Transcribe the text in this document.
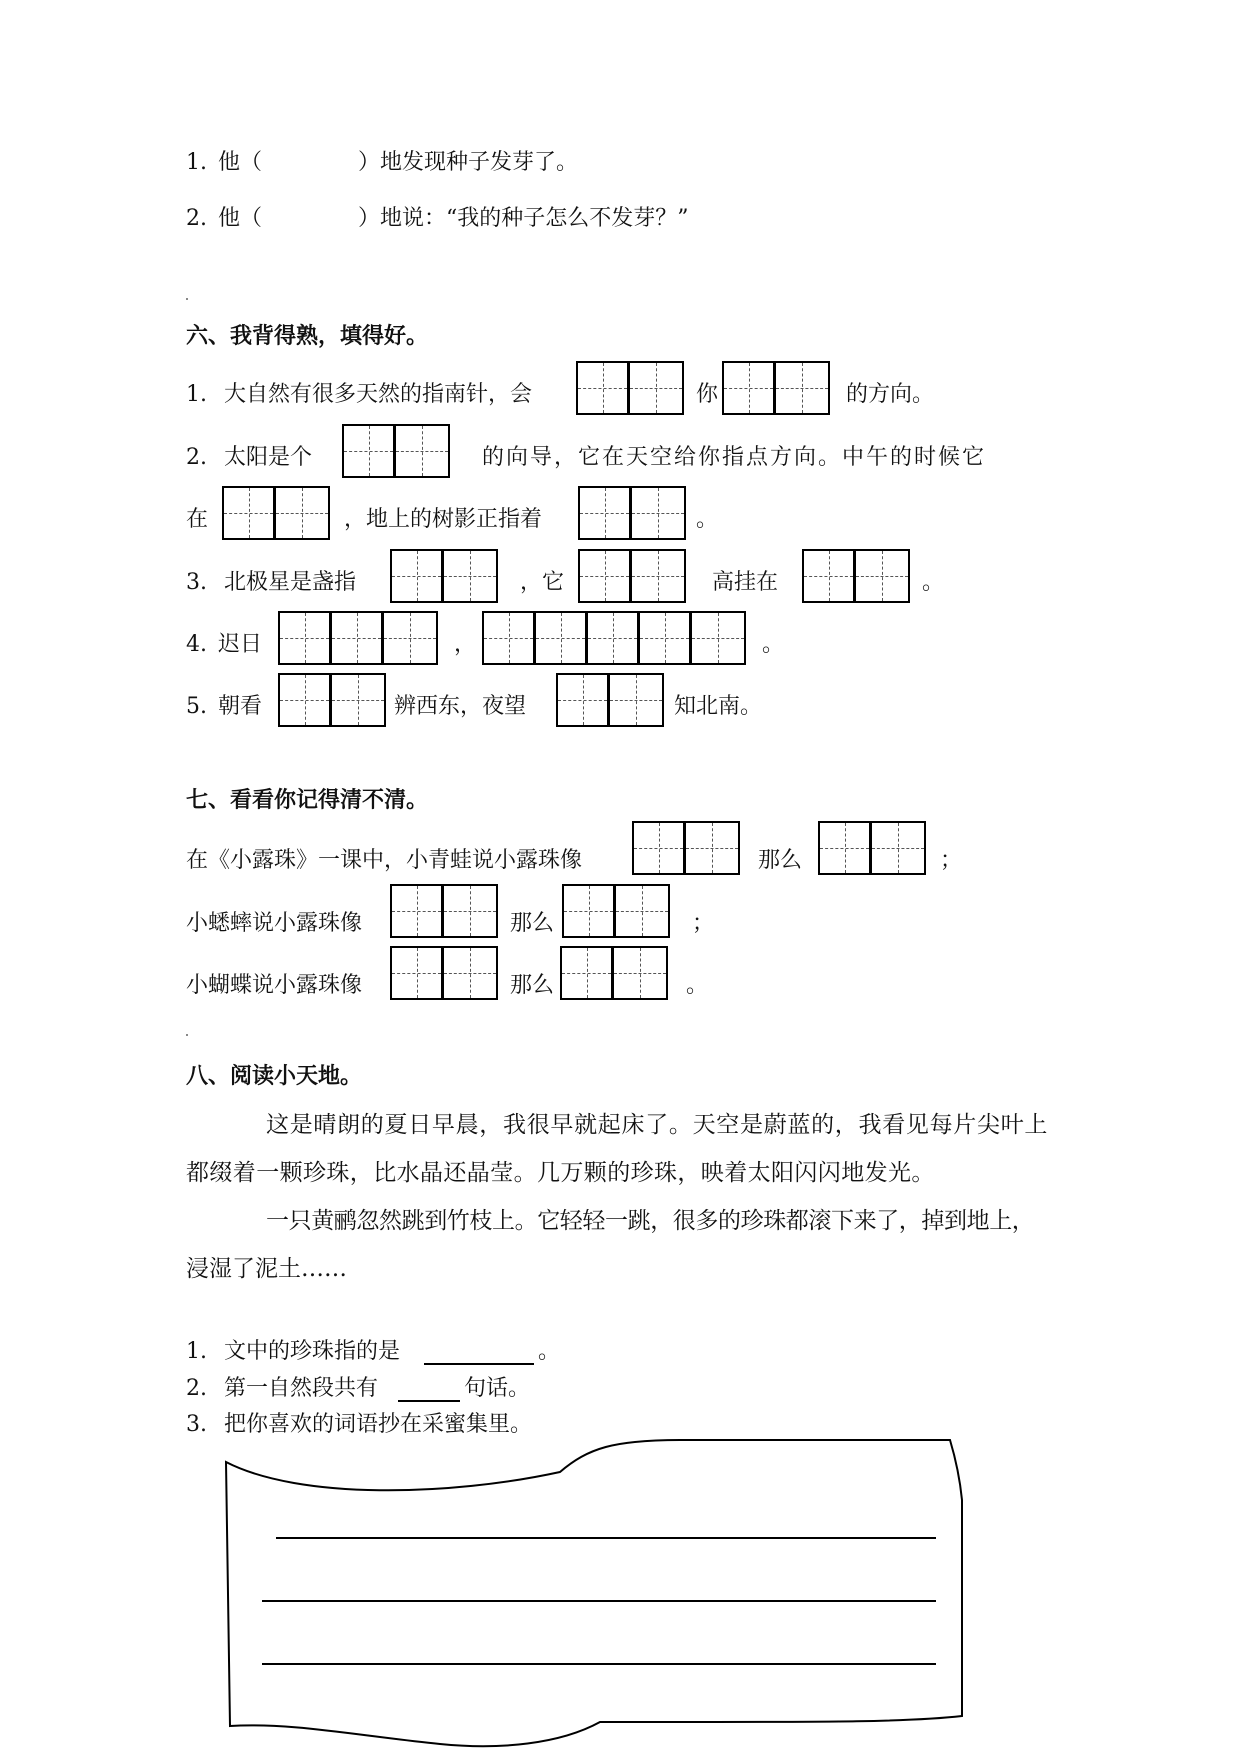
1. 他（	）地发现种子发芽了。
2. 他（	）地说：“我的种子怎么不发芽？”
六、我背得熟，填得好。
1. 大自然有很多天然的指南针，会	你	的方向。
2. 太阳是个	的向导，它在天空给你指点方向。中午的时候它
在	，地上的树影正指着	。
3. 北极星是盏指	，它	高挂在	。
4. 迟日	，	。
5. 朝看	辨西东，夜望	知北南。
七、看看你记得清不清。
在《小露珠》一课中，小青蛙说小露珠像	那么	；
小蟋蟀说小露珠像	那么	；
小蝴蝶说小露珠像	那么	。
八、阅读小天地。
这是晴朗的夏日早晨，我很早就起床了。天空是蔚蓝的，我看见每片尖叶上
都缀着一颗珍珠，比水晶还晶莹。几万颗的珍珠，映着太阳闪闪地发光。
一只黄鹂忽然跳到竹枝上。它轻轻一跳，很多的珍珠都滚下来了，掉到地上，
浸湿了泥土……
1. 文中的珍珠指的是	。
2. 第一自然段共有	句话。
3. 把你喜欢的词语抄在采蜜集里。
